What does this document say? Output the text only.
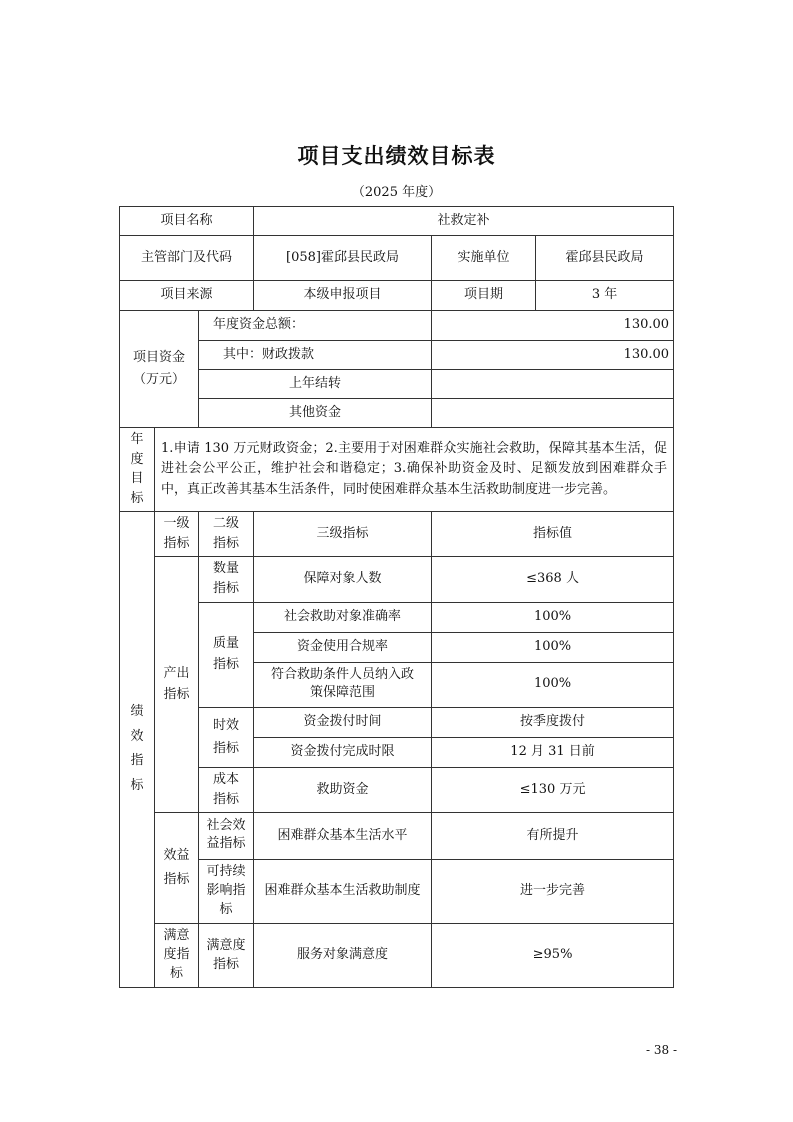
项目支出绩效目标表
（2025 年度）
项目名称			社救定补		
主管部门及代码			[058]霍邱县民政局	实施单位	霍邱县民政局
项目来源			本级申报项目	项目期	3 年
项目资金（万元）		年度资金总额：		130.00	
		其中：财政拨款		130.00	
		上年结转			
		其他资金			
年度目标	1.申请 130 万元财政资金；2.主要用于对困难群众实施社会救助，保障其基本生活，促进社会公平公正，维护社会和谐稳定；3.确保补助资金及时、足额发放到困难群众手中，真正改善其基本生活条件，同时使困难群众基本生活救助制度进一步完善。				
绩效指标	一级指标	二级指标	三级指标	指标值	
	产出指标	数量指标	保障对象人数	≤368 人	
		质量指标	社会救助对象准确率	100%	
			资金使用合规率	100%	
			符合救助条件人员纳入政策保障范围	100%	
		时效指标	资金拨付时间	按季度拨付	
			资金拨付完成时限	12 月 31 日前	
		成本指标	救助资金	≤130 万元	
	效益指标	社会效益指标	困难群众基本生活水平	有所提升	
		可持续影响指标	困难群众基本生活救助制度	进一步完善	
	满意度指标	满意度指标	服务对象满意度	≥95%	
- 38 -
